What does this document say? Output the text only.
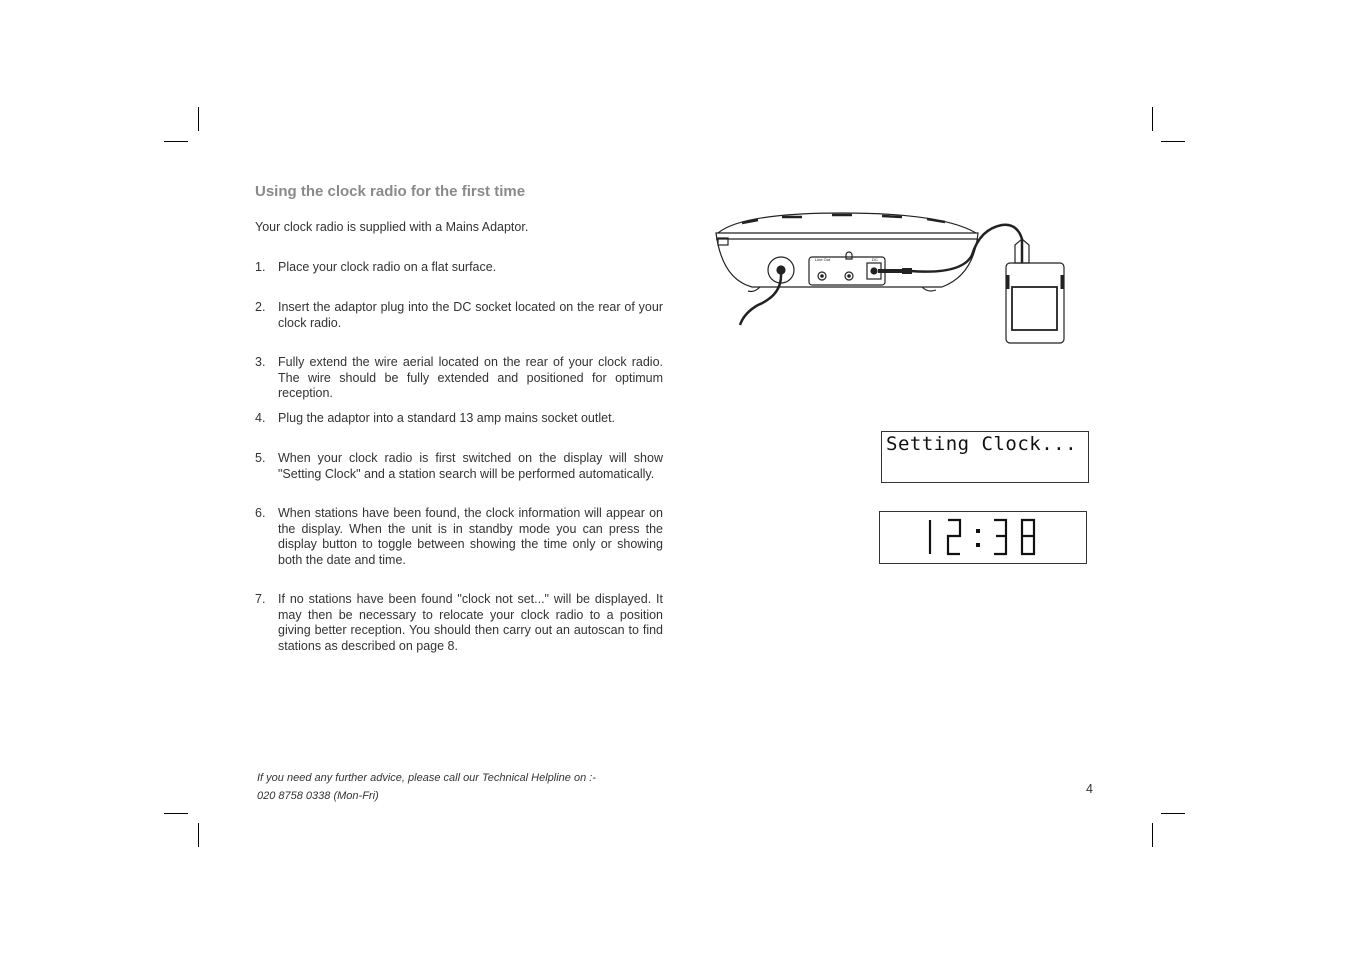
Using the clock radio for the first time

Your clock radio is supplied with a Mains Adaptor.

1. Place your clock radio on a flat surface.
2. Insert the adaptor plug into the DC socket located on the rear of your clock radio.
3. Fully extend the wire aerial located on the rear of your clock radio. The wire should be fully extended and positioned for optimum reception.
4. Plug the adaptor into a standard 13 amp mains socket outlet.
5. When your clock radio is first switched on the display will show "Setting Clock" and a station search will be performed automatically.
6. When stations have been found, the clock information will appear on the display. When the unit is in standby mode you can press the display button to toggle between showing the time only or showing both the date and time.
7. If no stations have been found "clock not set..." will be displayed. It may then be necessary to relocate your clock radio to a position giving better reception. You should then carry out an autoscan to find stations as described on page 8.
If you need any further advice, please call our Technical Helpline on :-
020 8758 0338 (Mon-Fri)	4
Line Out	DC
Setting Clock...
